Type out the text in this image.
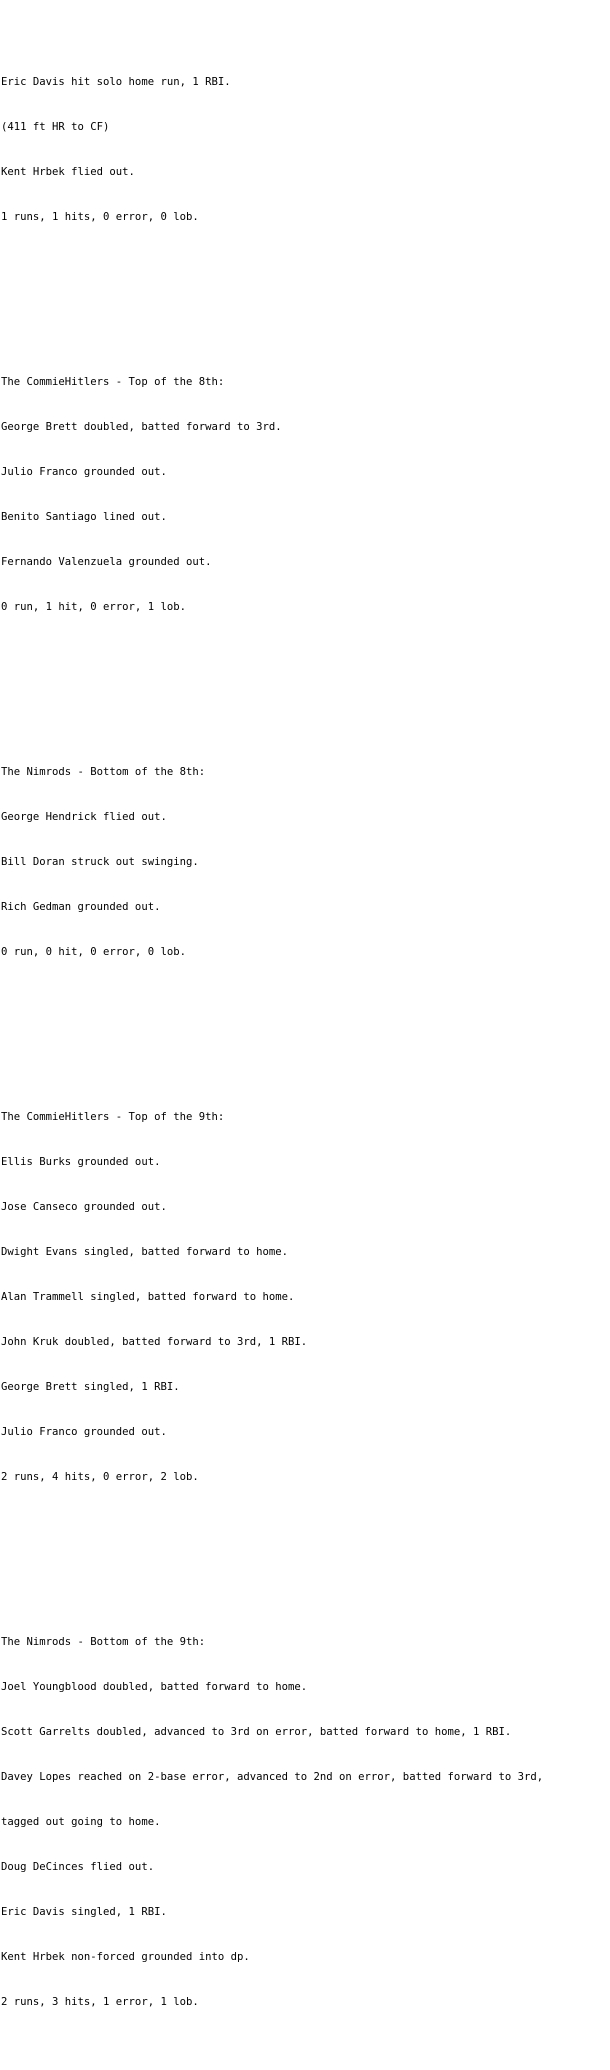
Eric Davis hit solo home run, 1 RBI.

(411 ft HR to CF)

Kent Hrbek flied out.

1 runs, 1 hits, 0 error, 0 lob.

The CommieHitlers - Top of the 8th:

George Brett doubled, batted forward to 3rd.

Julio Franco grounded out.

Benito Santiago lined out.

Fernando Valenzuela grounded out.

0 run, 1 hit, 0 error, 1 lob.

The Nimrods - Bottom of the 8th:

George Hendrick flied out.

Bill Doran struck out swinging.

Rich Gedman grounded out.

0 run, 0 hit, 0 error, 0 lob.

The CommieHitlers - Top of the 9th:

Ellis Burks grounded out.

Jose Canseco grounded out.

Dwight Evans singled, batted forward to home.

Alan Trammell singled, batted forward to home.

John Kruk doubled, batted forward to 3rd, 1 RBI.

George Brett singled, 1 RBI.

Julio Franco grounded out.

2 runs, 4 hits, 0 error, 2 lob.

The Nimrods - Bottom of the 9th:

Joel Youngblood doubled, batted forward to home.

Scott Garrelts doubled, advanced to 3rd on error, batted forward to home, 1 RBI.

Davey Lopes reached on 2-base error, advanced to 2nd on error, batted forward to 3rd,

tagged out going to home.

Doug DeCinces flied out.

Eric Davis singled, 1 RBI.

Kent Hrbek non-forced grounded into dp.

2 runs, 3 hits, 1 error, 1 lob.
